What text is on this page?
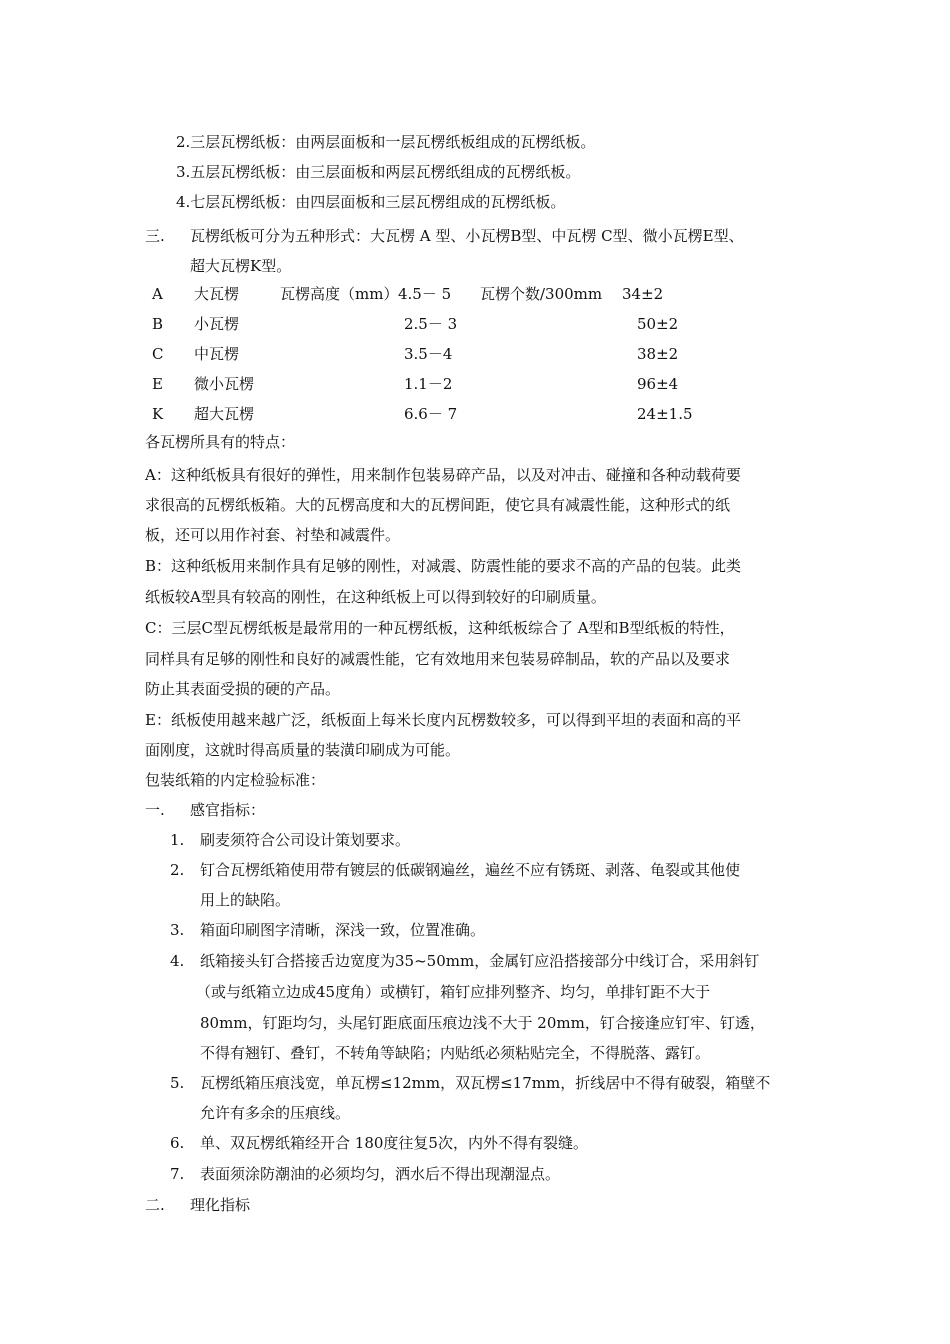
2.三层瓦楞纸板：由两层面板和一层瓦楞纸板组成的瓦楞纸板。
3.五层瓦楞纸板：由三层面板和两层瓦楞纸组成的瓦楞纸板。
4.七层瓦楞纸板：由四层面板和三层瓦楞组成的瓦楞纸板。
三. 瓦楞纸板可分为五种形式：大瓦楞 A 型、小瓦楞B型、中瓦楞 C型、微小瓦楞E型、
超大瓦楞K型。
A 大瓦楞	瓦楞高度（mm） 4.5－ 5 瓦楞个数/300mm 34±2
B 小瓦楞	2.5－ 3	50±2
C 中瓦楞	3.5－4	38±2
E 微小瓦楞	1.1－2	96±4
K 超大瓦楞	6.6－ 7	24±1.5
各瓦楞所具有的特点：
A：这种纸板具有很好的弹性，用来制作包装易碎产品，以及对冲击、碰撞和各种动载荷要
求很高的瓦楞纸板箱。大的瓦楞高度和大的瓦楞间距，使它具有减震性能，这种形式的纸
板，还可以用作衬套、衬垫和减震件。
B：这种纸板用来制作具有足够的刚性，对减震、防震性能的要求不高的产品的包装。此类
纸板较A型具有较高的刚性，在这种纸板上可以得到较好的印刷质量。
C：三层C型瓦楞纸板是最常用的一种瓦楞纸板，这种纸板综合了 A型和B型纸板的特性，
同样具有足够的刚性和良好的减震性能，它有效地用来包装易碎制品，软的产品以及要求
防止其表面受损的硬的产品。
E：纸板使用越来越广泛，纸板面上每米长度内瓦楞数较多，可以得到平坦的表面和高的平
面刚度，这就时得高质量的装潢印刷成为可能。
包装纸箱的内定检验标准：
一. 感官指标：
1. 刷麦须符合公司设计策划要求。
2. 钉合瓦楞纸箱使用带有镀层的低碳钢遍丝，遍丝不应有锈斑、剥落、龟裂或其他使
用上的缺陷。
3. 箱面印刷图字清晰，深浅一致，位置准确。
4. 纸箱接头钉合搭接舌边宽度为35~50mm，金属钉应沿搭接部分中线订合，采用斜钉
（或与纸箱立边成45度角）或横钉，箱钉应排列整齐、均匀，单排钉距不大于
80mm，钉距均匀，头尾钉距底面压痕边浅不大于 20mm，钉合接逢应钉牢、钉透，
不得有翘钉、叠钉，不转角等缺陷；内贴纸必须粘贴完全，不得脱落、露钉。
5. 瓦楞纸箱压痕浅宽，单瓦楞≤12mm，双瓦楞≤17mm，折线居中不得有破裂，箱壁不
允许有多余的压痕线。
6. 单、双瓦楞纸箱经开合 180度往复5次，内外不得有裂缝。
7. 表面须涂防潮油的必须均匀，洒水后不得出现潮湿点。
二. 理化指标
